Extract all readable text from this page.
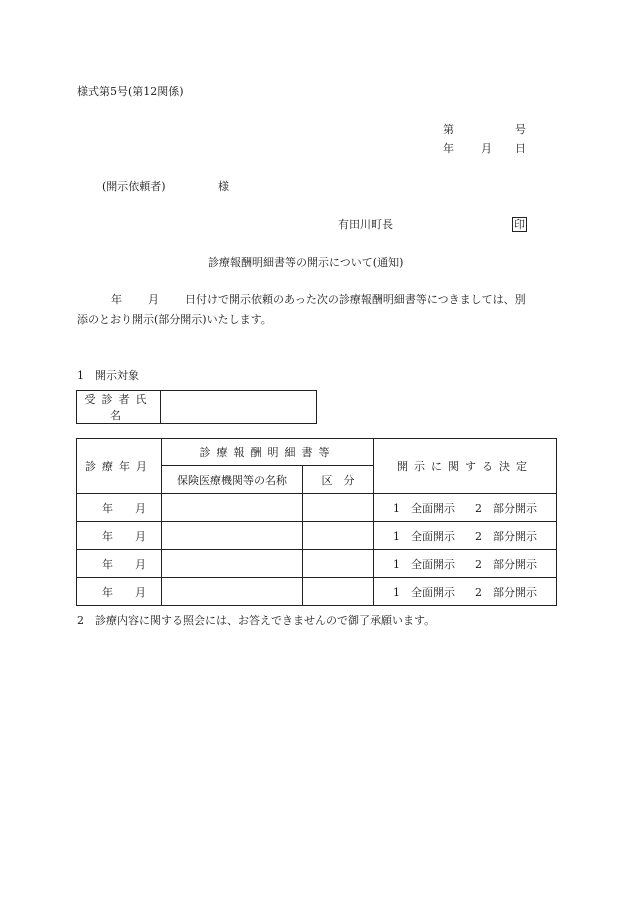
様式第5号(第12関係)
第	号
年 月 日
(開示依頼者)	様
有田川町長	印
診療報酬明細書等の開示について(通知)
年 月 日付けで開示依頼のあった次の診療報酬明細書等につきましては、別
添のとおり開示(部分開示)いたします。
1　開示対象
受診者氏名	
診療年月	診療報酬明細書等		開示に関する決定
	保険医療機関等の名称	区　分	
年 月			1　全面開示 2　部分開示
年 月			1　全面開示 2　部分開示
年 月			1　全面開示 2　部分開示
年 月			1　全面開示 2　部分開示
2　診療内容に関する照会には、お答えできませんので御了承願います。
